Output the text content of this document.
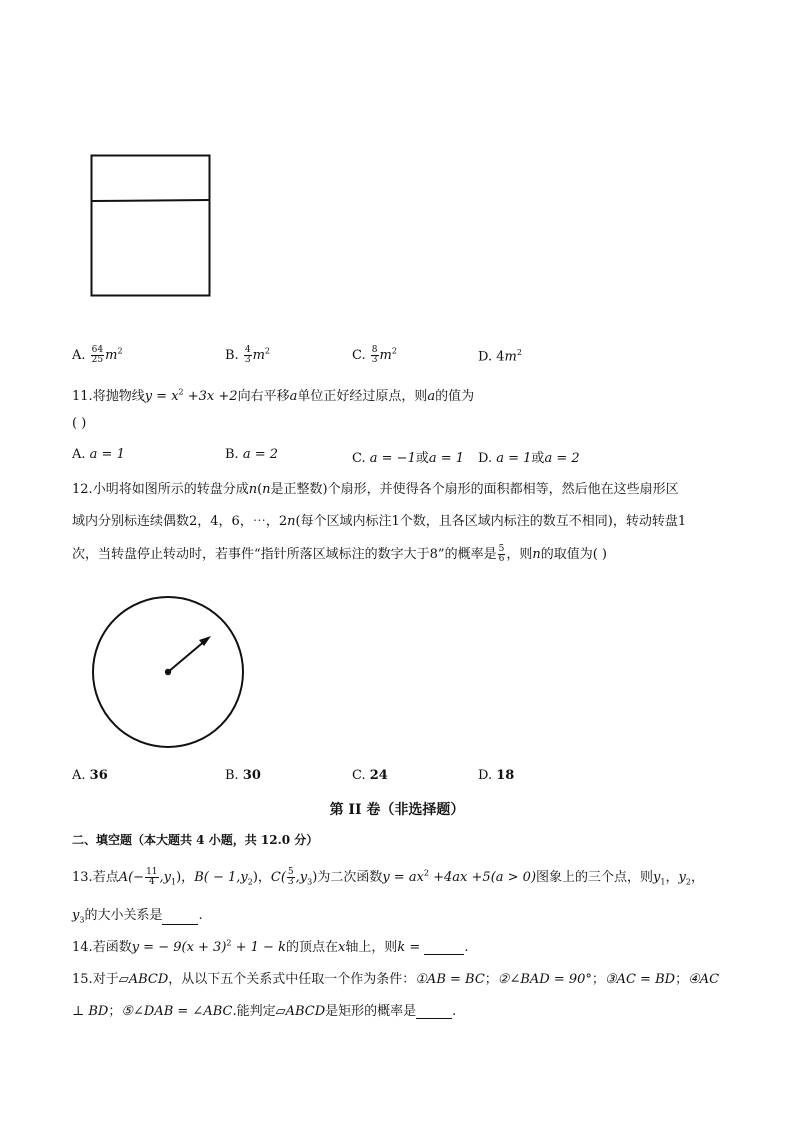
A. $\frac{64}{25} m^2$	B. $\frac{4}{3} m^2$	C. $\frac{8}{3} m^2$	D. $4m^2$
11.将抛物线$y = x^2 +3x +2$向右平移a单位正好经过原点，则a的值为
( )
A. a = 1	B. a = 2	C. a = −1或a = 1 D. a = 1或a = 2
12.小明将如图所示的转盘分成n(n是正整数)个扇形，并使得各个扇形的面积都相等，然后他在这些扇形区
域内分别标连续偶数2，4，6，⋯，2n(每个区域内标注1个数，且各区域内标注的数互不相同)，转动转盘1
次，当转盘停止转动时，若事件“指针所落区域标注的数字大于8”的概率是 $\frac{5}{6}$ ，则n的取值为( )
A. 36	B. 30	C. 24	D. 18
第 II 卷（非选择题）
二、填空题（本大题共 4 小题，共 12.0 分）
13.若点$A(- \frac{11}{4} ,y_1)$，$B( - 1,y_2)$，$C( \frac{5}{3} ,y_3)$为二次函数$y = ax^2 +4ax +5(a > 0)$图象上的三个点，则$y_1$，$y_2$，
$y_3$的大小关系是	.
14.若函数y = − $9(x + 3)^2 + 1 - k$的顶点在x轴上，则k =	.
15.对于▱ABCD，从以下五个关系式中任取一个作为条件：①AB = BC；②∠BAD = 90°；③AC = BD；④AC
⊥ BD；⑤∠DAB = ∠ABC.能判定▱ABCD是矩形的概率是	.
